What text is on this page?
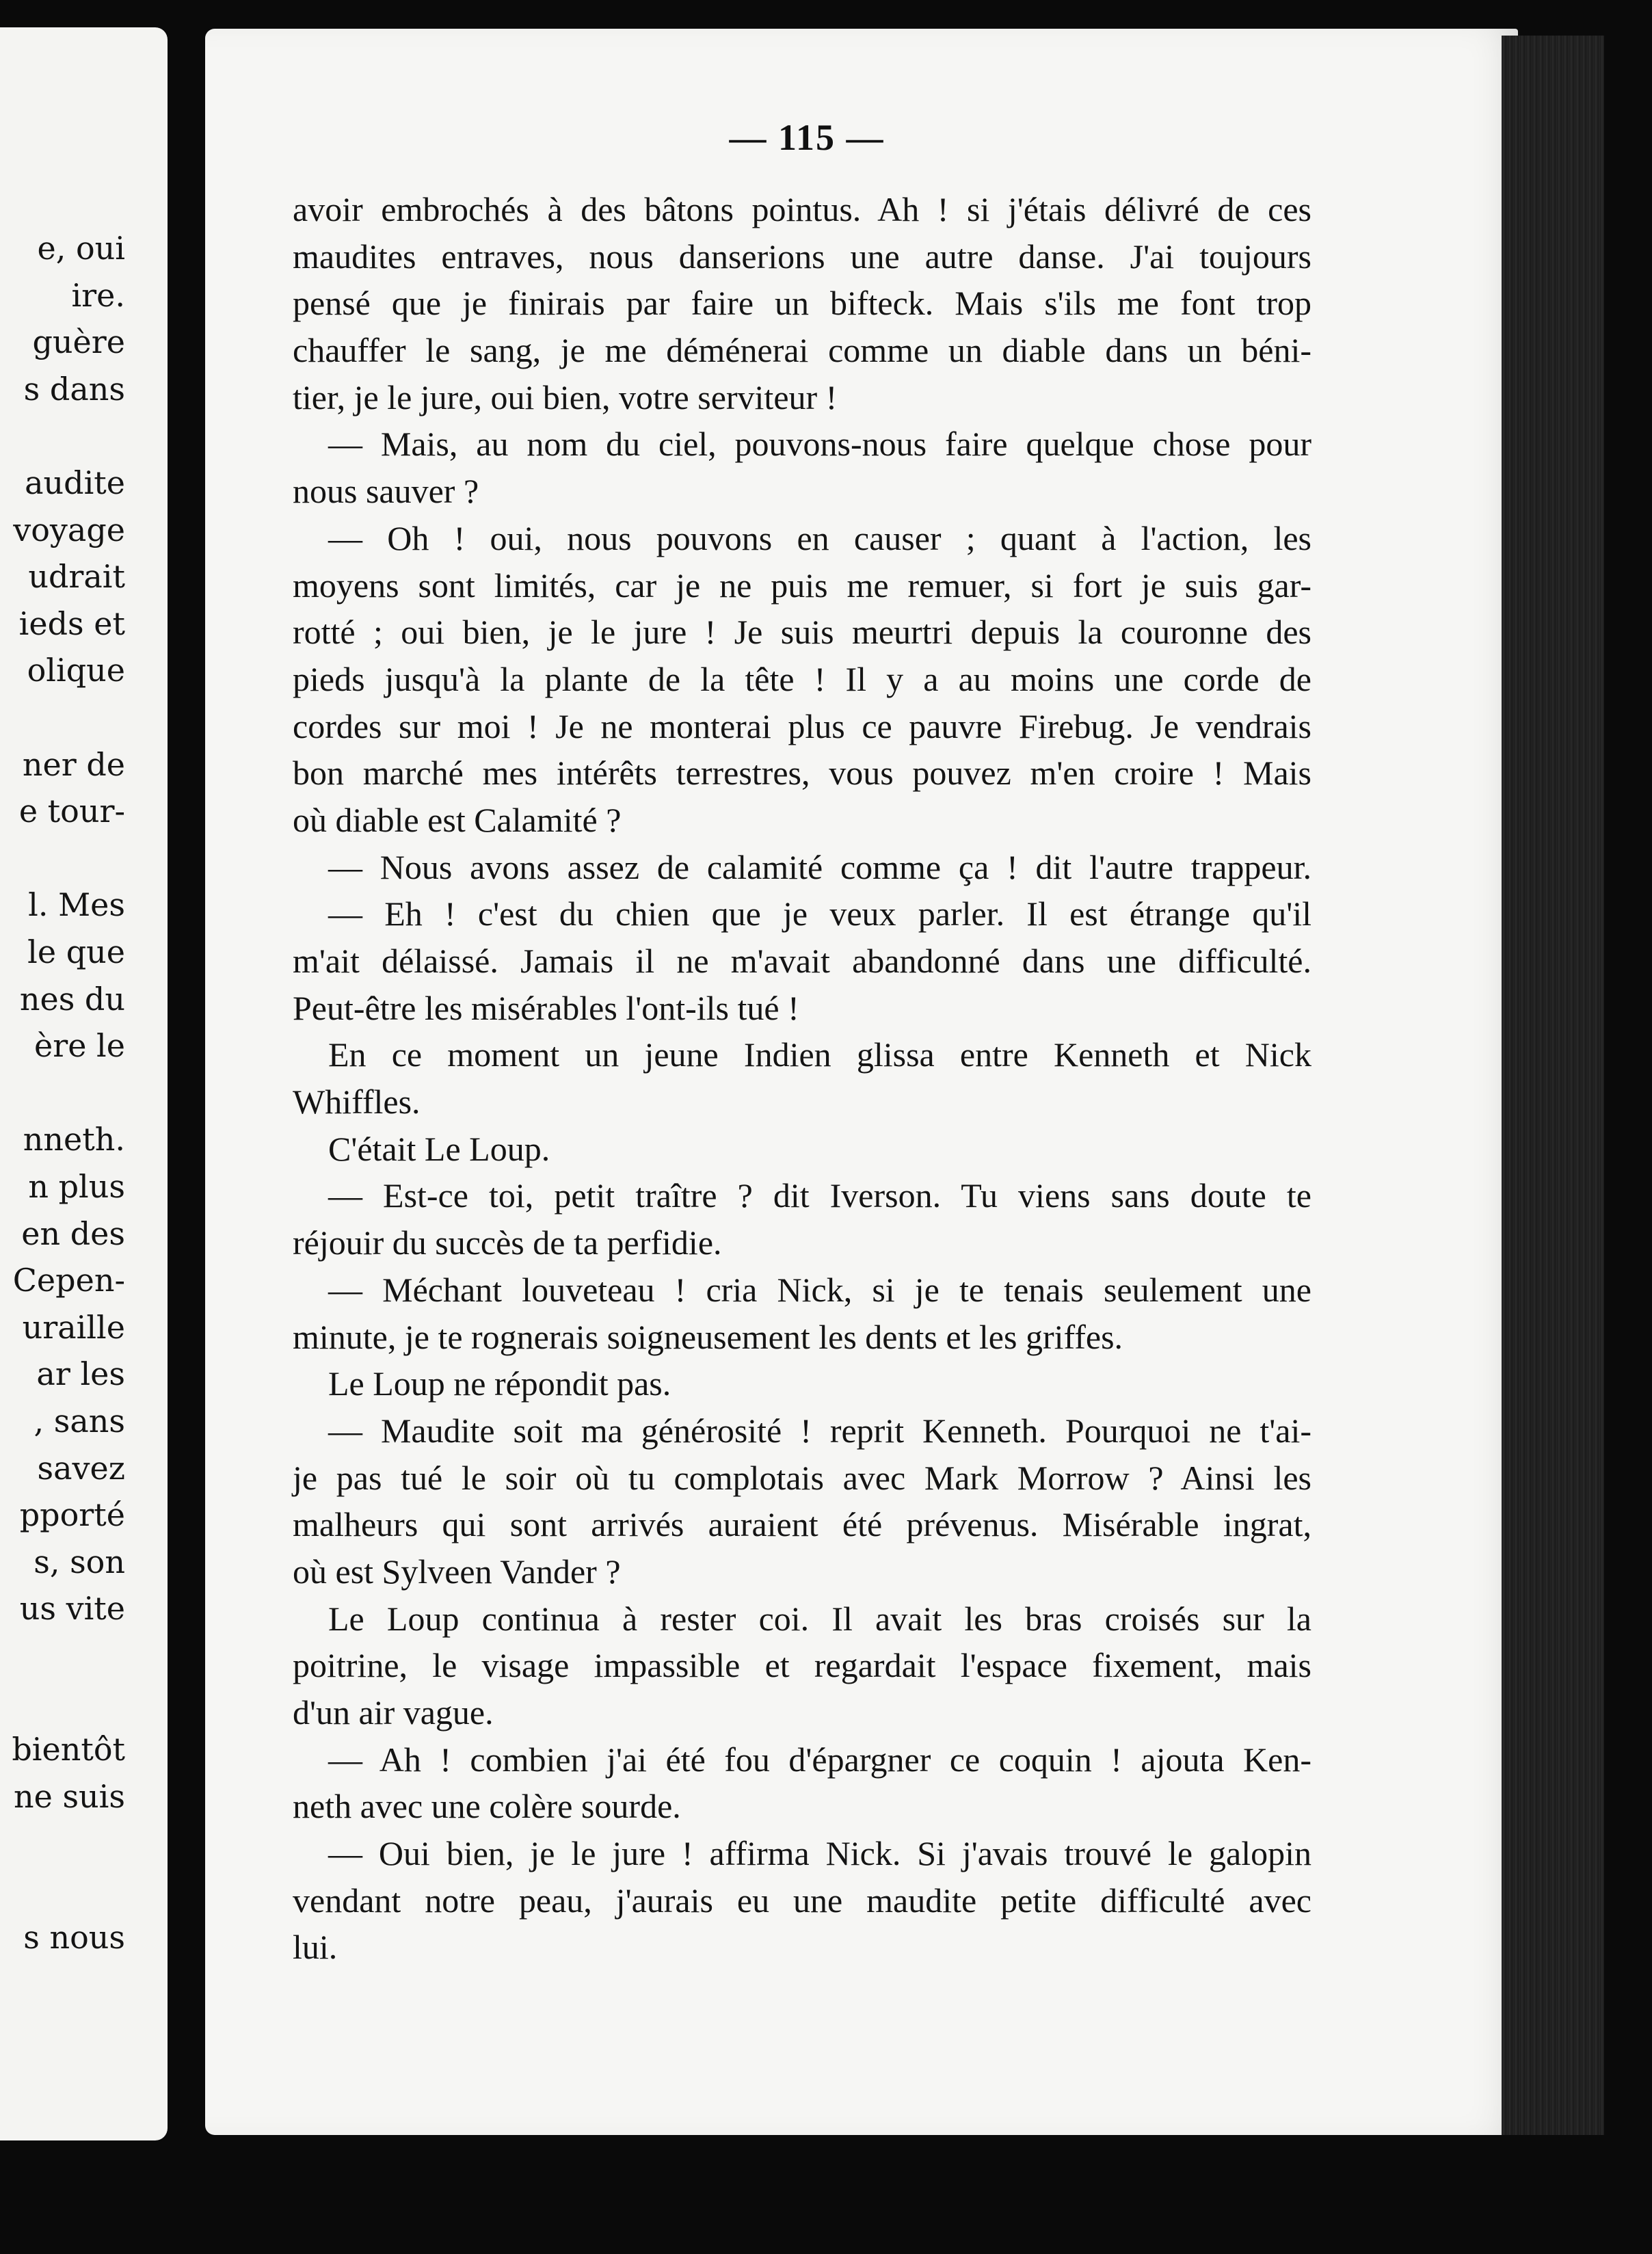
e, oui
ire.
guère
s dans
audite
voyage
udrait
ieds et
olique
ner de
e tour-
l. Mes
le que
nes du
ère le
nneth.
n plus
en des
Cepen-
uraille
ar les
, sans
savez
pporté
s, son
us vite
bientôt
ne suis
s nous
— 115 —
avoir embrochés à des bâtons pointus. Ah ! si j'étais délivré de ces
maudites entraves, nous danserions une autre danse. J'ai toujours
pensé que je finirais par faire un bifteck. Mais s'ils me font trop
chauffer le sang, je me déménerai comme un diable dans un béni-
tier, je le jure, oui bien, votre serviteur !
— Mais, au nom du ciel, pouvons-nous faire quelque chose pour
nous sauver ?
— Oh ! oui, nous pouvons en causer ; quant à l'action, les
moyens sont limités, car je ne puis me remuer, si fort je suis gar-
rotté ; oui bien, je le jure ! Je suis meurtri depuis la couronne des
pieds jusqu'à la plante de la tête ! Il y a au moins une corde de
cordes sur moi ! Je ne monterai plus ce pauvre Firebug. Je vendrais
bon marché mes intérêts terrestres, vous pouvez m'en croire ! Mais
où diable est Calamité ?
— Nous avons assez de calamité comme ça ! dit l'autre trappeur.
— Eh ! c'est du chien que je veux parler. Il est étrange qu'il
m'ait délaissé. Jamais il ne m'avait abandonné dans une difficulté.
Peut-être les misérables l'ont-ils tué !
En ce moment un jeune Indien glissa entre Kenneth et Nick
Whiffles.
C'était Le Loup.
— Est-ce toi, petit traître ? dit Iverson. Tu viens sans doute te
réjouir du succès de ta perfidie.
— Méchant louveteau ! cria Nick, si je te tenais seulement une
minute, je te rognerais soigneusement les dents et les griffes.
Le Loup ne répondit pas.
— Maudite soit ma générosité ! reprit Kenneth. Pourquoi ne t'ai-
je pas tué le soir où tu complotais avec Mark Morrow ? Ainsi les
malheurs qui sont arrivés auraient été prévenus. Misérable ingrat,
où est Sylveen Vander ?
Le Loup continua à rester coi. Il avait les bras croisés sur la
poitrine, le visage impassible et regardait l'espace fixement, mais
d'un air vague.
— Ah ! combien j'ai été fou d'épargner ce coquin ! ajouta Ken-
neth avec une colère sourde.
— Oui bien, je le jure ! affirma Nick. Si j'avais trouvé le galopin
vendant notre peau, j'aurais eu une maudite petite difficulté avec
lui.
